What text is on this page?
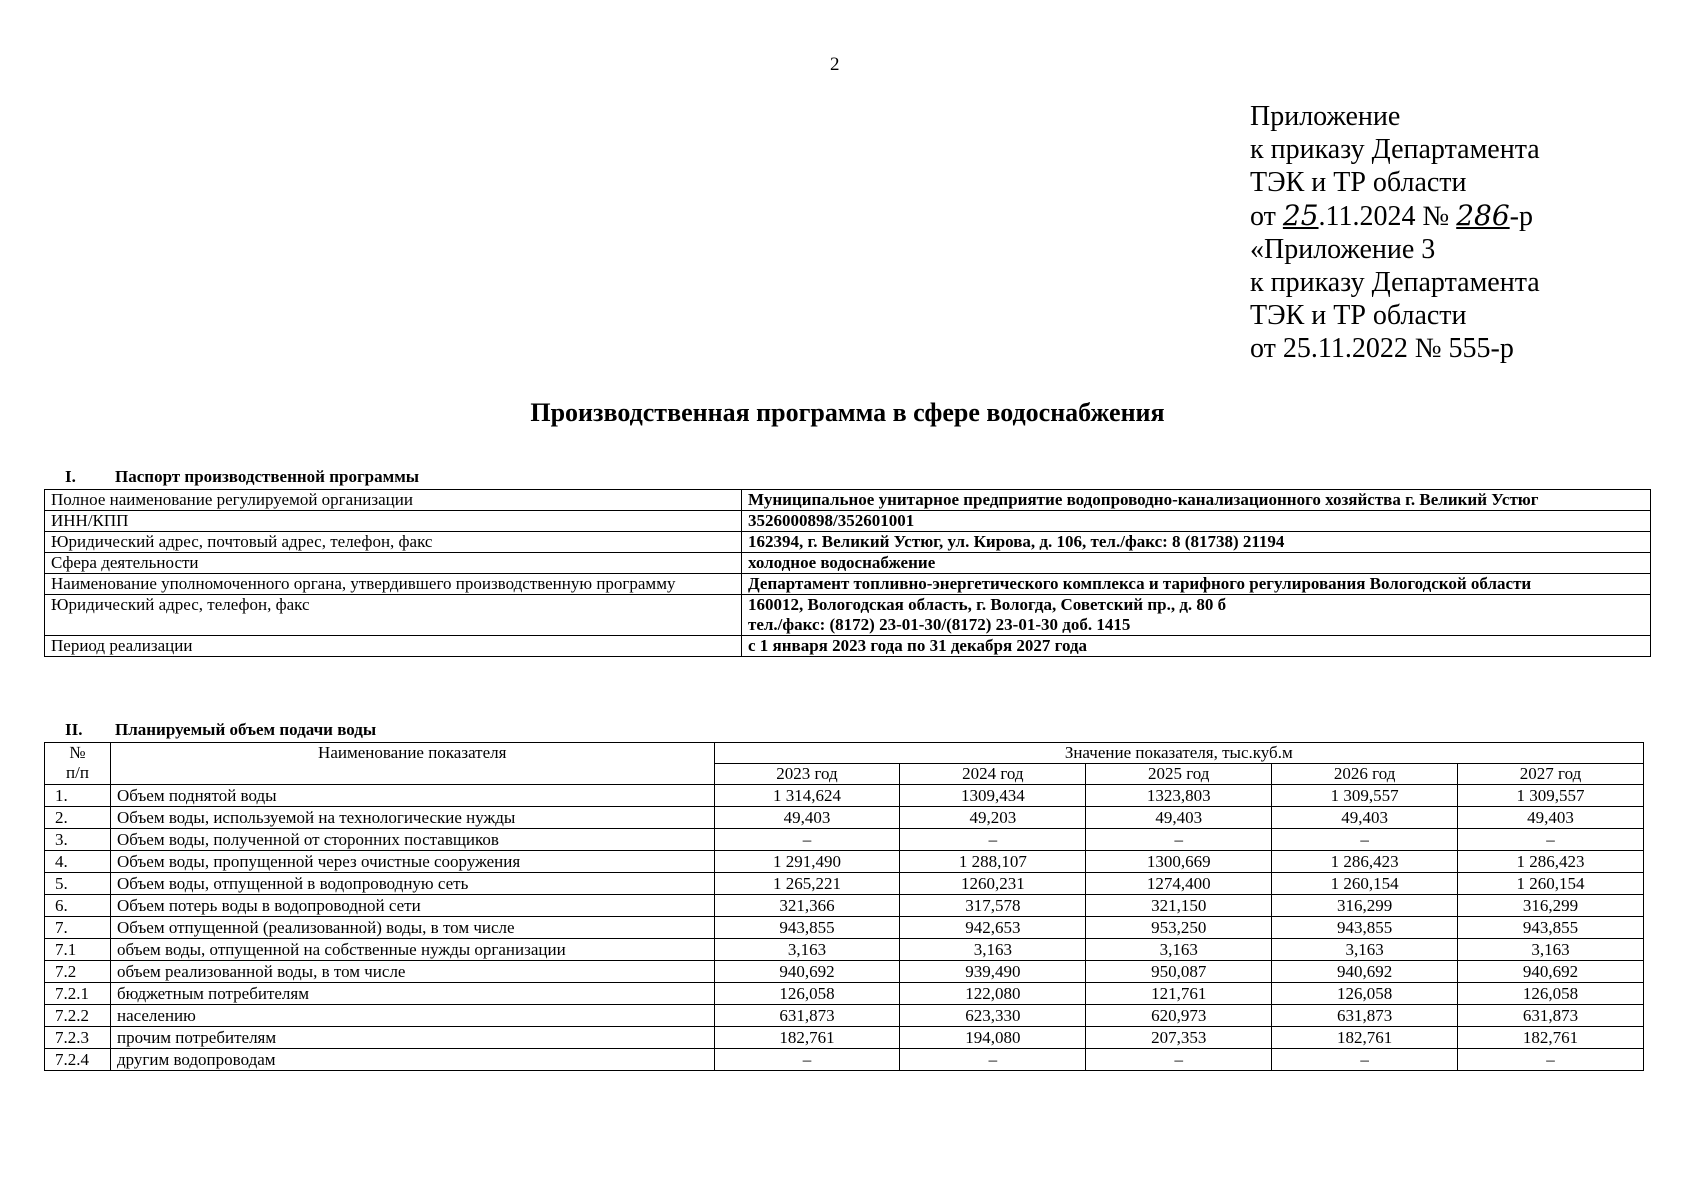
2
Приложение
к приказу Департамента
ТЭК и ТР области
от 25.11.2024 № 286-р
«Приложение 3
к приказу Департамента
ТЭК и ТР области
от 25.11.2022 № 555-р
Производственная программа в сфере водоснабжения
I. Паспорт производственной программы
Полное наименование регулируемой организации	Муниципальное унитарное предприятие водопроводно-канализационного хозяйства г. Великий Устюг
ИНН/КПП	3526000898/352601001
Юридический адрес, почтовый адрес, телефон, факс	162394, г. Великий Устюг, ул. Кирова, д. 106, тел./факс: 8 (81738) 21194
Сфера деятельности	холодное водоснабжение
Наименование уполномоченного органа, утвердившего производственную программу	Департамент топливно-энергетического комплекса и тарифного регулирования Вологодской области
Юридический адрес, телефон, факс	160012, Вологодская область, г. Вологда, Советский пр., д. 80 б
тел./факс: (8172) 23-01-30/(8172) 23-01-30 доб. 1415
Период реализации	с 1 января 2023 года по 31 декабря 2027 года
II. Планируемый объем подачи воды
№
п/п	Наименование показателя	Значение показателя, тыс.куб.м				
		2023 год	2024 год	2025 год	2026 год	2027 год
1.	Объем поднятой воды	1 314,624	1309,434	1323,803	1 309,557	1 309,557
2.	Объем воды, используемой на технологические нужды	49,403	49,203	49,403	49,403	49,403
3.	Объем воды, полученной от сторонних поставщиков	–	–	–	–	–
4.	Объем воды, пропущенной через очистные сооружения	1 291,490	1 288,107	1300,669	1 286,423	1 286,423
5.	Объем воды, отпущенной в водопроводную сеть	1 265,221	1260,231	1274,400	1 260,154	1 260,154
6.	Объем потерь воды в водопроводной сети	321,366	317,578	321,150	316,299	316,299
7.	Объем отпущенной (реализованной) воды, в том числе	943,855	942,653	953,250	943,855	943,855
7.1	объем воды, отпущенной на собственные нужды организации	3,163	3,163	3,163	3,163	3,163
7.2	объем реализованной воды, в том числе	940,692	939,490	950,087	940,692	940,692
7.2.1	бюджетным потребителям	126,058	122,080	121,761	126,058	126,058
7.2.2	населению	631,873	623,330	620,973	631,873	631,873
7.2.3	прочим потребителям	182,761	194,080	207,353	182,761	182,761
7.2.4	другим водопроводам	–	–	–	–	–
